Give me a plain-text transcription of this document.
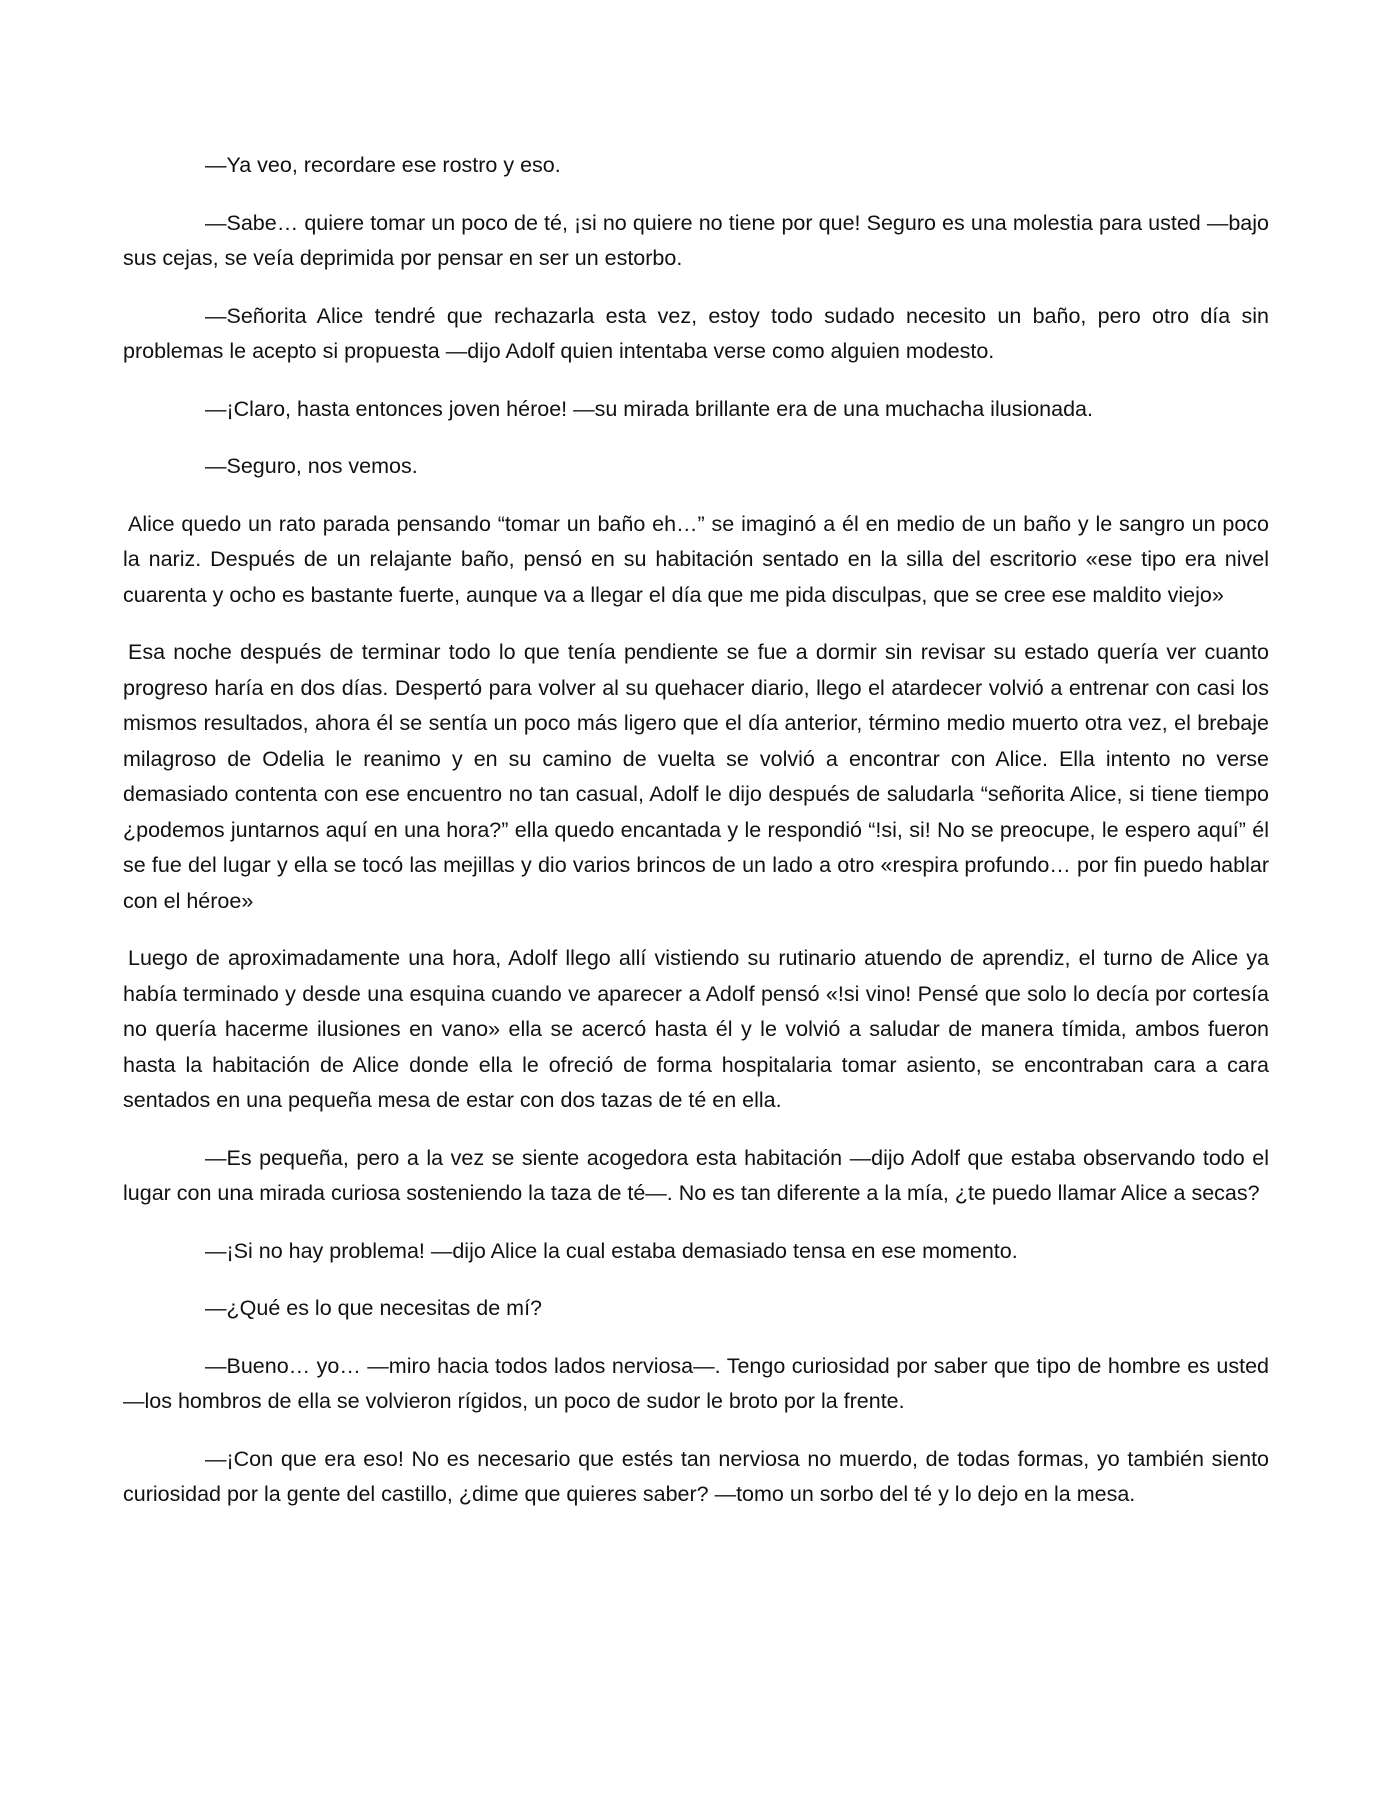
—Ya veo, recordare ese rostro y eso.

—Sabe… quiere tomar un poco de té, ¡si no quiere no tiene por que! Seguro es una molestia para usted —bajo sus cejas, se veía deprimida por pensar en ser un estorbo.

—Señorita Alice tendré que rechazarla esta vez, estoy todo sudado necesito un baño, pero otro día sin problemas le acepto si propuesta —dijo Adolf quien intentaba verse como alguien modesto.

—¡Claro, hasta entonces joven héroe! —su mirada brillante era de una muchacha ilusionada.

—Seguro, nos vemos.

Alice quedo un rato parada pensando “tomar un baño eh…” se imaginó a él en medio de un baño y le sangro un poco la nariz. Después de un relajante baño, pensó en su habitación sentado en la silla del escritorio «ese tipo era nivel cuarenta y ocho es bastante fuerte, aunque va a llegar el día que me pida disculpas, que se cree ese maldito viejo»

Esa noche después de terminar todo lo que tenía pendiente se fue a dormir sin revisar su estado quería ver cuanto progreso haría en dos días. Despertó para volver al su quehacer diario, llego el atardecer volvió a entrenar con casi los mismos resultados, ahora él se sentía un poco más ligero que el día anterior, término medio muerto otra vez, el brebaje milagroso de Odelia le reanimo y en su camino de vuelta se volvió a encontrar con Alice. Ella intento no verse demasiado contenta con ese encuentro no tan casual, Adolf le dijo después de saludarla “señorita Alice, si tiene tiempo ¿podemos juntarnos aquí en una hora?” ella quedo encantada y le respondió “!si, si! No se preocupe, le espero aquí” él se fue del lugar y ella se tocó las mejillas y dio varios brincos de un lado a otro «respira profundo… por fin puedo hablar con el héroe»

Luego de aproximadamente una hora, Adolf llego allí vistiendo su rutinario atuendo de aprendiz, el turno de Alice ya había terminado y desde una esquina cuando ve aparecer a Adolf pensó «!si vino! Pensé que solo lo decía por cortesía no quería hacerme ilusiones en vano» ella se acercó hasta él y le volvió a saludar de manera tímida, ambos fueron hasta la habitación de Alice donde ella le ofreció de forma hospitalaria tomar asiento, se encontraban cara a cara sentados en una pequeña mesa de estar con dos tazas de té en ella.

—Es pequeña, pero a la vez se siente acogedora esta habitación —dijo Adolf que estaba observando todo el lugar con una mirada curiosa sosteniendo la taza de té—. No es tan diferente a la mía, ¿te puedo llamar Alice a secas?

—¡Si no hay problema! —dijo Alice la cual estaba demasiado tensa en ese momento.

—¿Qué es lo que necesitas de mí?

—Bueno… yo… —miro hacia todos lados nerviosa—. Tengo curiosidad por saber que tipo de hombre es usted —los hombros de ella se volvieron rígidos, un poco de sudor le broto por la frente.

—¡Con que era eso! No es necesario que estés tan nerviosa no muerdo, de todas formas, yo también siento curiosidad por la gente del castillo, ¿dime que quieres saber? —tomo un sorbo del té y lo dejo en la mesa.
